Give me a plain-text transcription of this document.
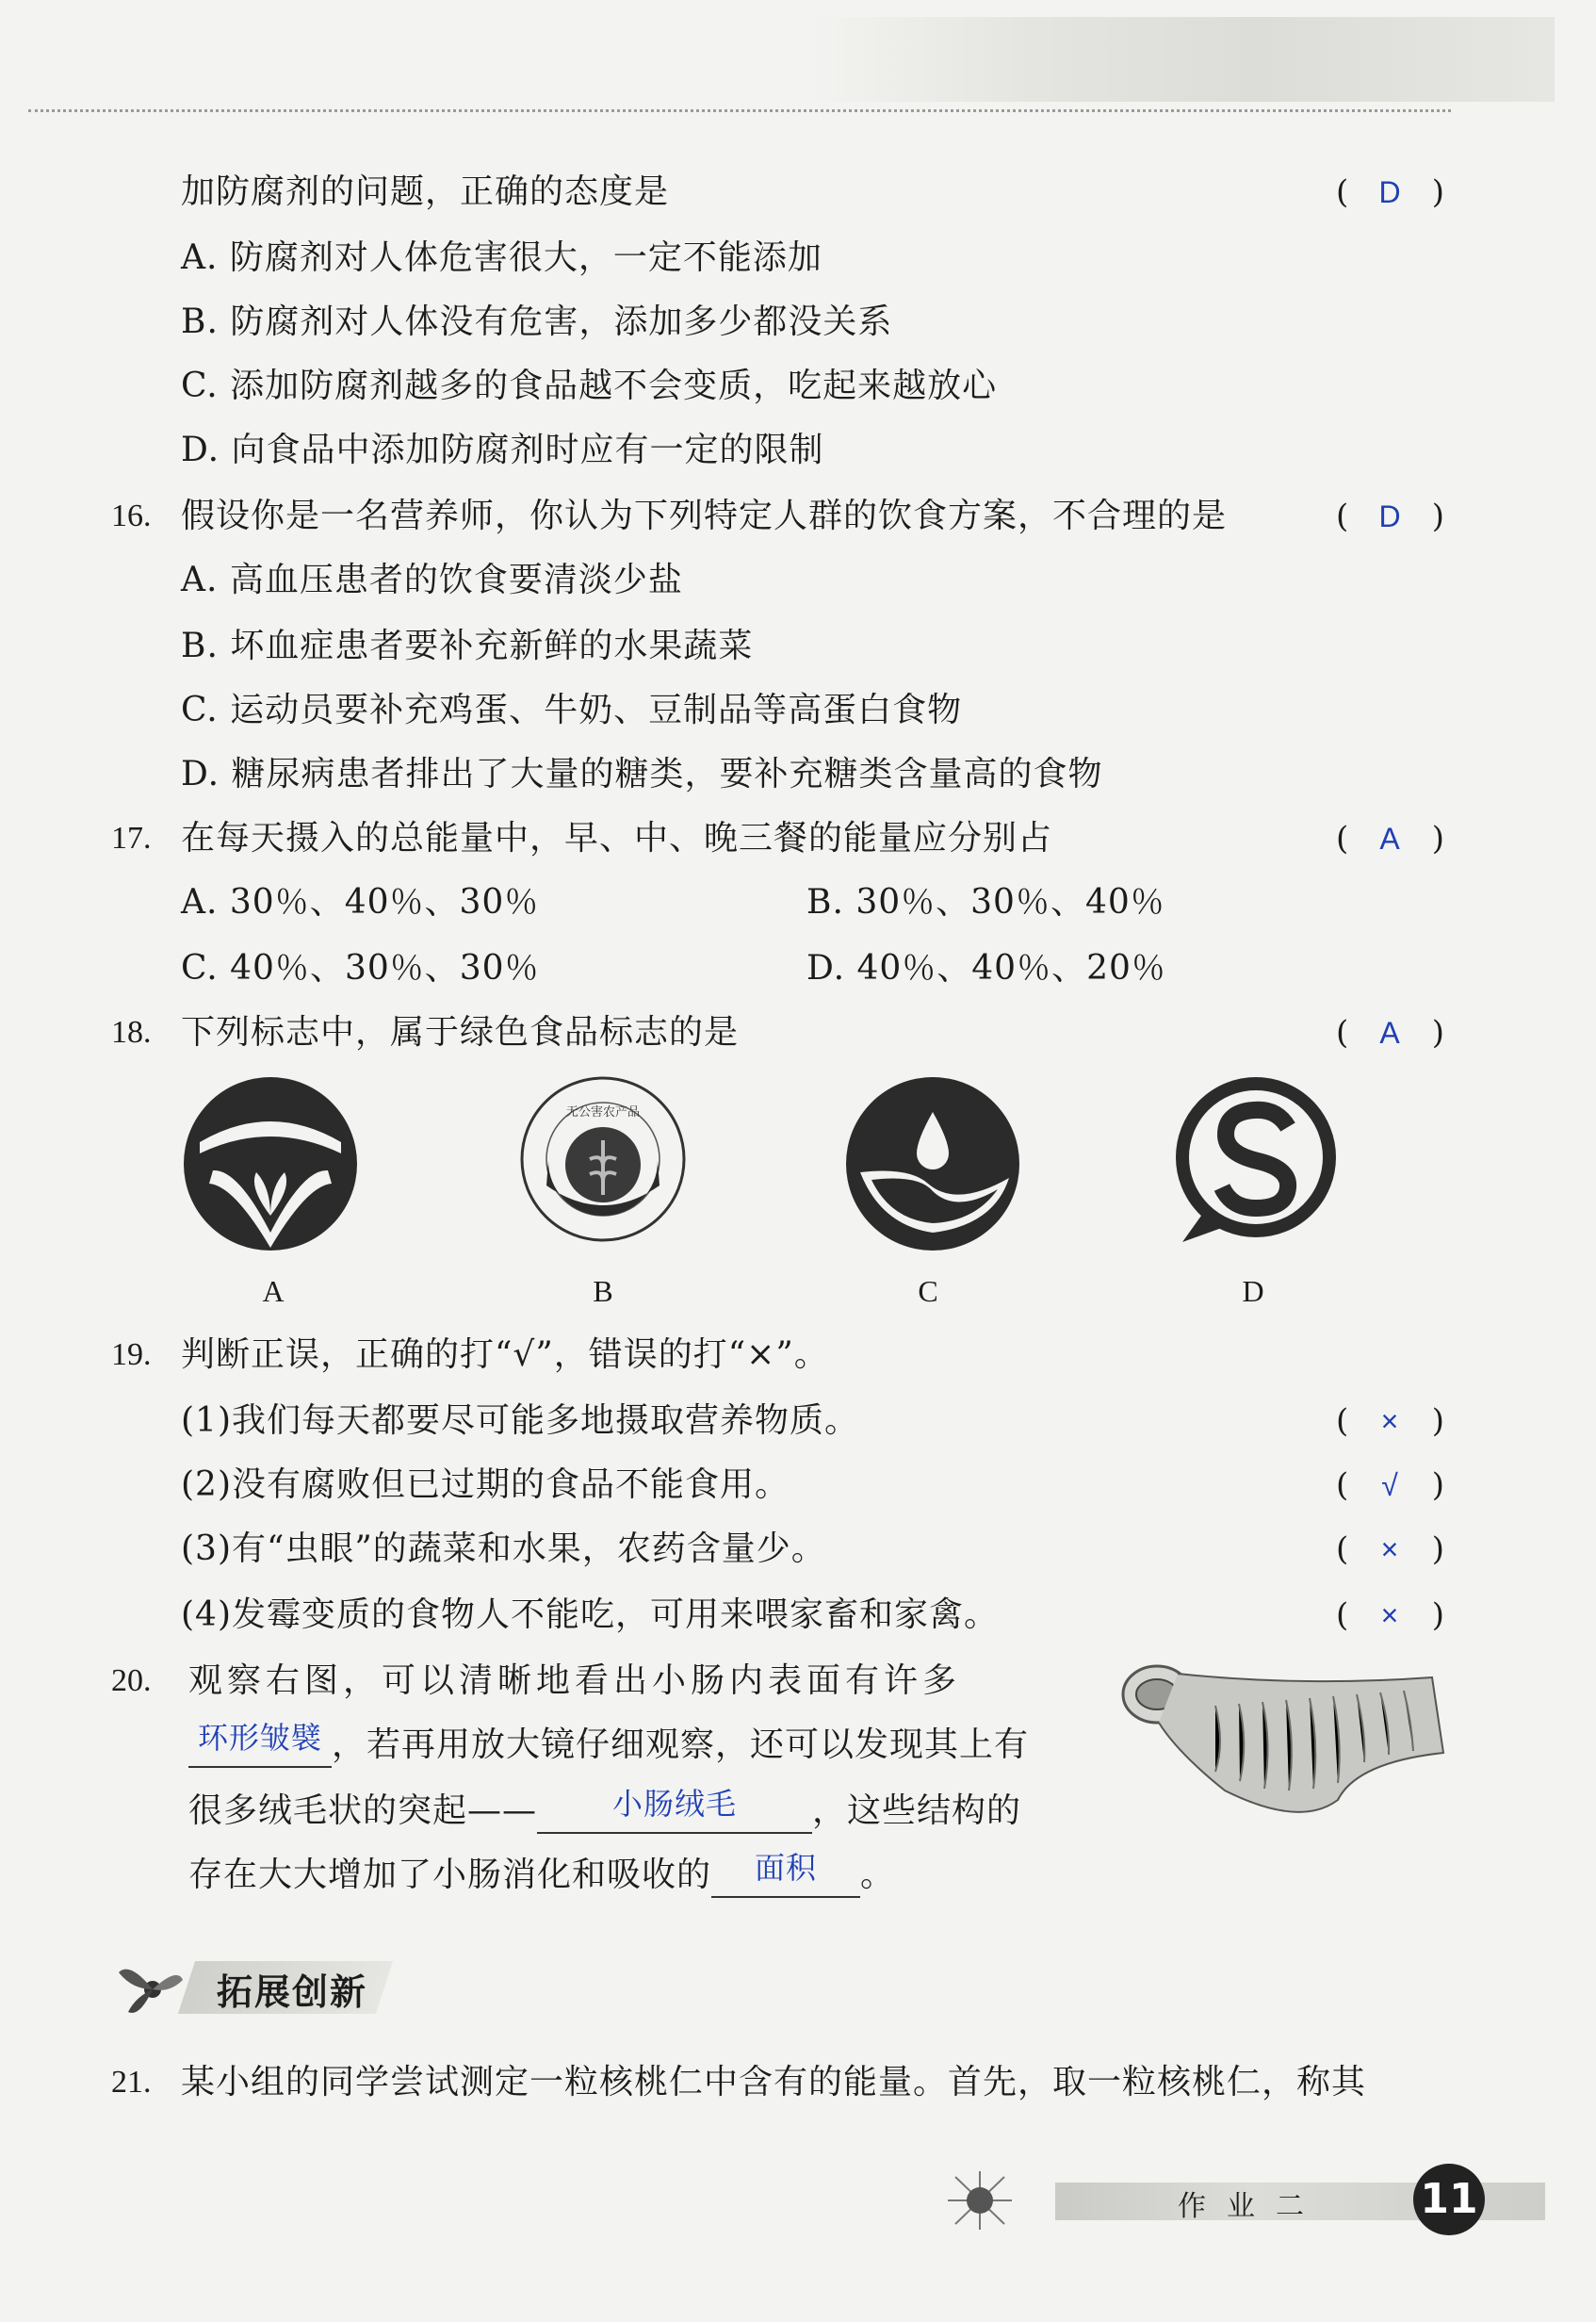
加防腐剂的问题，正确的态度是	(	D )
A. 防腐剂对人体危害很大，一定不能添加
B. 防腐剂对人体没有危害，添加多少都没关系
C. 添加防腐剂越多的食品越不会变质，吃起来越放心
D. 向食品中添加防腐剂时应有一定的限制
16. 假设你是一名营养师，你认为下列特定人群的饮食方案，不合理的是	(	D )
A. 高血压患者的饮食要清淡少盐
B. 坏血症患者要补充新鲜的水果蔬菜
C. 运动员要补充鸡蛋、牛奶、豆制品等高蛋白食物
D. 糖尿病患者排出了大量的糖类，要补充糖类含量高的食物
17. 在每天摄入的总能量中，早、中、晚三餐的能量应分别占	(	A	)
A. 30％、40％、30％	B. 30％、30％、40％
C. 40％、30％、30％	D. 40％、40％、20％
18. 下列标志中，属于绿色食品标志的是	(	A	)
A
无公害农产品
B	C	D
19. 判断正误，正确的打“√”，错误的打“×”。
(1)我们每天都要尽可能多地摄取营养物质。	(	×	)
(2)没有腐败但已过期的食品不能食用。	(	√	)
(3)有“虫眼”的蔬菜和水果，农药含量少。	(	×	)
(4)发霉变质的食物人不能吃，可用来喂家畜和家禽。	(	×	)
20. 观察右图，可以清晰地看出小肠内表面有许多
环形皱襞 ，若再用放大镜仔细观察，还可以发现其上有
很多绒毛状的突起——	小肠绒毛	，这些结构的
存在大大增加了小肠消化和吸收的	面积	。
拓展创新
21. 某小组的同学尝试测定一粒核桃仁中含有的能量。首先，取一粒核桃仁，称其
作业二 11
